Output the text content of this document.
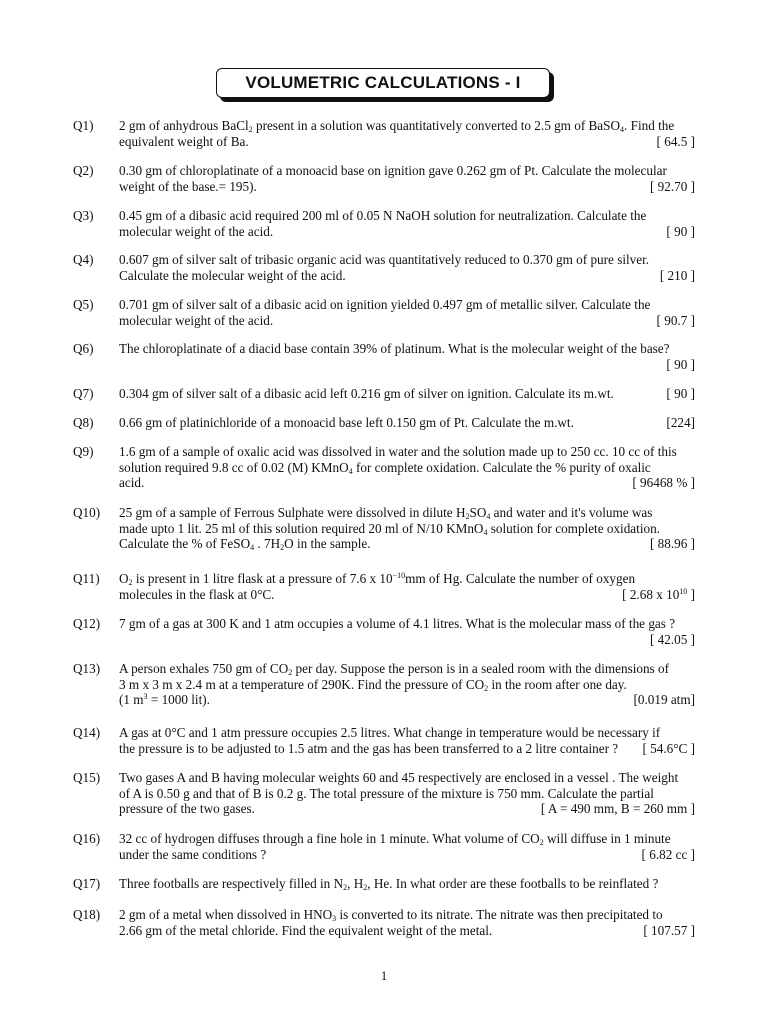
VOLUMETRIC CALCULATIONS - I
Q1) 2 gm of anhydrous BaCl$_2$ present in a solution was quantitatively converted to 2.5 gm of BaSO$_4$. Find the
equivalent weight of Ba.	[ 64.5 ]
Q2) 0.30 gm of chloroplatinate of a monoacid base on ignition gave 0.262 gm of Pt. Calculate the molecular
weight of the base.= 195).	[ 92.70 ]
Q3) 0.45 gm of a dibasic acid required 200 ml of 0.05 N NaOH solution for neutralization. Calculate the
molecular weight of the acid.	[ 90 ]
Q4) 0.607 gm of silver salt of tribasic organic acid was quantitatively reduced to 0.370 gm of pure silver.
Calculate the molecular weight of the acid.	[ 210 ]
Q5) 0.701 gm of silver salt of a dibasic acid on ignition yielded 0.497 gm of metallic silver. Calculate the
molecular weight of the acid.	[ 90.7 ]
Q6) The chloroplatinate of a diacid base contain 39% of platinum. What is the molecular weight of the base?
[ 90 ]
Q7) 0.304 gm of silver salt of a dibasic acid left 0.216 gm of silver on ignition. Calculate its m.wt.	[ 90 ]
Q8) 0.66 gm of platinichloride of a monoacid base left 0.150 gm of Pt. Calculate the m.wt.	[224]
Q9) 1.6 gm of a sample of oxalic acid was dissolved in water and the solution made up to 250 cc. 10 cc of this
solution required 9.8 cc of 0.02 (M) KMnO$_4$ for complete oxidation. Calculate the % purity of oxalic
acid.	[ 96468 % ]
Q10) 25 gm of a sample of Ferrous Sulphate were dissolved in dilute $H_2SO_4$ and water and it's volume was
made upto 1 lit. 25 ml of this solution required 20 ml of N/10 KMnO$_4$ solution for complete oxidation.
Calculate the % of FeSO$_4$ . $7H_2O$ in the sample.	[ 88.96 ]
Q11) $O_2$ is present in 1 litre flask at a pressure of 7.6 x $10^{-10}mm$ of Hg. Calculate the number of oxygen
molecules in the flask at 0°C.	[ 2.68 x $10^{10}$ ]
Q12) 7 gm of a gas at 300 K and 1 atm occupies a volume of 4.1 litres. What is the molecular mass of the gas ?
[ 42.05 ]
Q13) A person exhales 750 gm of $CO_2$ per day. Suppose the person is in a sealed room with the dimensions of
3 m x 3 m x 2.4 m at a temperature of 290K. Find the pressure of $CO_2$ in the room after one day.
(1 $m^3 = 1000$ lit).	[0.019 atm]
Q14) A gas at 0°C and 1 atm pressure occupies 2.5 litres. What change in temperature would be necessary if
the pressure is to be adjusted to 1.5 atm and the gas has been transferred to a 2 litre container ? [ 54.6°C ]
Q15) Two gases A and B having molecular weights 60 and 45 respectively are enclosed in a vessel . The weight
of A is 0.50 g and that of B is 0.2 g. The total pressure of the mixture is 750 mm. Calculate the partial
pressure of the two gases.	[ A = 490 mm, B = 260 mm ]
Q16) 32 cc of hydrogen diffuses through a fine hole in 1 minute. What volume of $CO_2$ will diffuse in 1 minute
under the same conditions ?	[ 6.82 cc ]
Q17) Three footballs are respectively filled in $N_2$, $H_2$, He. In what order are these footballs to be reinflated ?
Q18) 2 gm of a metal when dissolved in $HNO_3$ is converted to its nitrate. The nitrate was then precipitated to
2.66 gm of the metal chloride. Find the equivalent weight of the metal.	[ 107.57 ]
1
